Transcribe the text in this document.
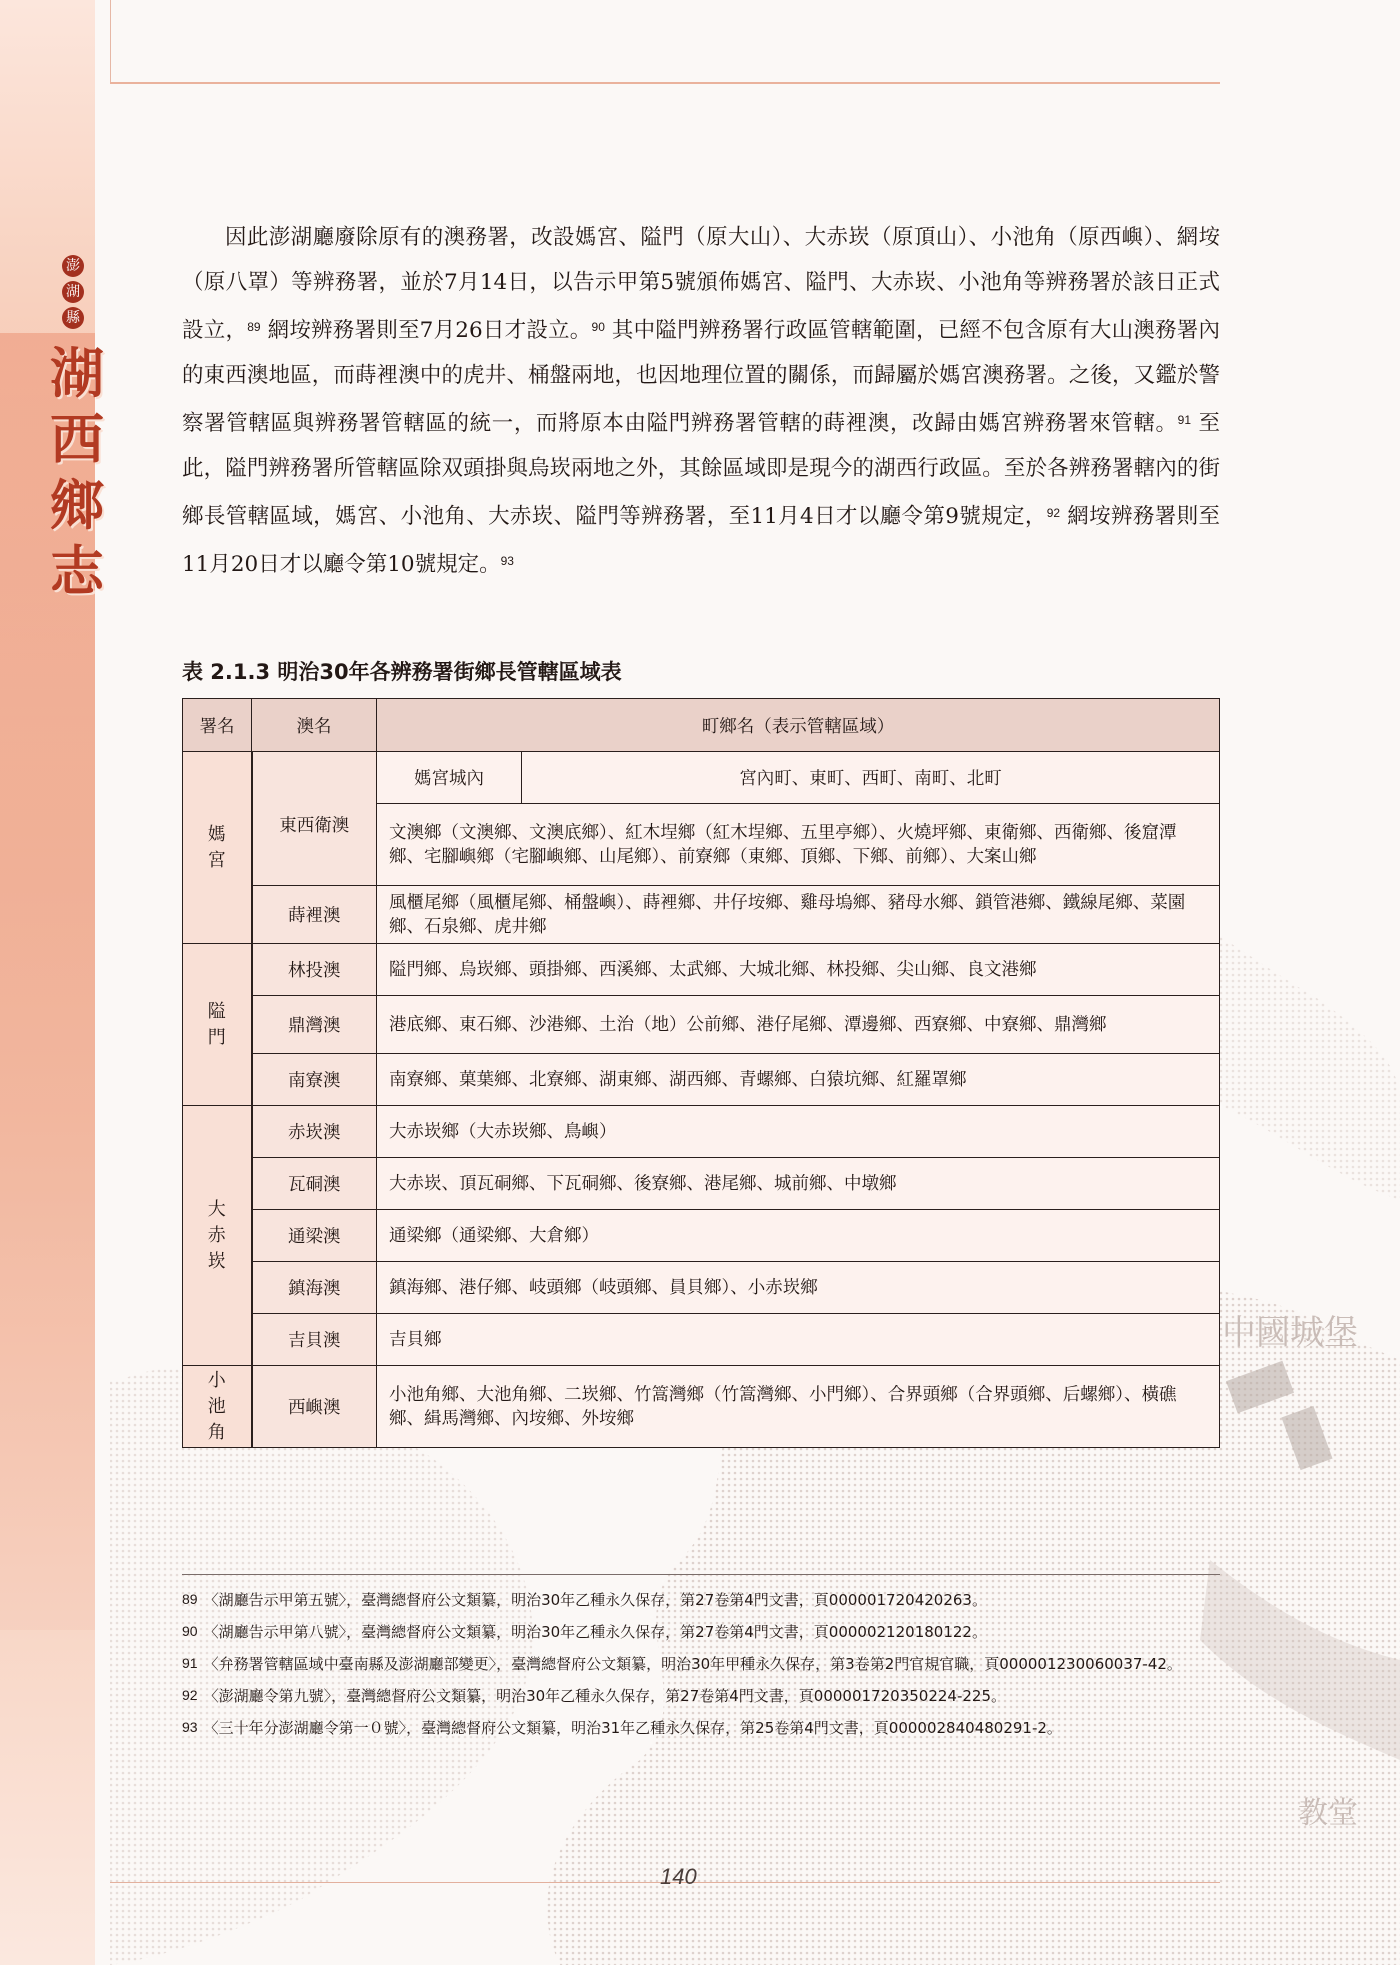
中國城堡
教堂
澎
湖
縣
湖
西
鄉
志

因此澎湖廳廢除原有的澳務署，改設媽宮、隘門（原大山）、大赤崁（原頂山）、小池角（原西嶼）、網垵（原八罩）等辨務署，並於7月14日，以告示甲第5號頒佈媽宮、隘門、大赤崁、小池角等辨務署於該日正式設立，$^{89}$ 網垵辨務署則至7月26日才設立。$^{90}$ 其中隘門辨務署行政區管轄範圍，已經不包含原有大山澳務署內的東西澳地區，而蒔裡澳中的虎井、桶盤兩地，也因地理位置的關係，而歸屬於媽宮澳務署。之後，又鑑於警察署管轄區與辨務署管轄區的統一，而將原本由隘門辨務署管轄的蒔裡澳，改歸由媽宮辨務署來管轄。$^{91}$ 至此，隘門辨務署所管轄區除双頭掛與烏崁兩地之外，其餘區域即是現今的湖西行政區。至於各辨務署轄內的街鄉長管轄區域，媽宮、小池角、大赤崁、隘門等辨務署，至11月4日才以廳令第9號規定，$^{92}$ 網垵辨務署則至11月20日才以廳令第10號規定。$^{93}$

表 2.1.3 明治30年各辨務署街鄉長管轄區域表
署名	澳名	町鄉名（表示管轄區域）	

媽
宮	東西衛澳	媽宮城內	宮內町、東町、西町、南町、北町
		文澳鄉（文澳鄉、文澳底鄉）、紅木埕鄉（紅木埕鄉、五里亭鄉）、火燒坪鄉、東衛鄉、西衛鄉、後窟潭鄉、宅腳嶼鄉（宅腳嶼鄉、山尾鄉）、前寮鄉（東鄉、頂鄉、下鄉、前鄉）、大案山鄉	
	蒔裡澳	風櫃尾鄉（風櫃尾鄉、桶盤嶼）、蒔裡鄉、井仔垵鄉、雞母塢鄉、豬母水鄉、鎖管港鄉、鐵線尾鄉、菜園鄉、石泉鄉、虎井鄉	

隘
門	林投澳	隘門鄉、烏崁鄉、頭掛鄉、西溪鄉、太武鄉、大城北鄉、林投鄉、尖山鄉、良文港鄉	
	鼎灣澳	港底鄉、東石鄉、沙港鄉、土治（地）公前鄉、港仔尾鄉、潭邊鄉、西寮鄉、中寮鄉、鼎灣鄉	
	南寮澳	南寮鄉、菓葉鄉、北寮鄉、湖東鄉、湖西鄉、青螺鄉、白猿坑鄉、紅羅罩鄉	

大
赤
崁	赤崁澳	大赤崁鄉（大赤崁鄉、鳥嶼）	
	瓦硐澳	大赤崁、頂瓦硐鄉、下瓦硐鄉、後寮鄉、港尾鄉、城前鄉、中墩鄉	
	通梁澳	通梁鄉（通梁鄉、大倉鄉）	
	鎮海澳	鎮海鄉、港仔鄉、岐頭鄉（岐頭鄉、員貝鄉）、小赤崁鄉	
	吉貝澳	吉貝鄉	

小
池
角	西嶼澳	小池角鄉、大池角鄉、二崁鄉、竹篙灣鄉（竹篙灣鄉、小門鄉）、合界頭鄉（合界頭鄉、后螺鄉）、橫礁鄉、緝馬灣鄉、內垵鄉、外垵鄉	

89 〈湖廳告示甲第五號〉，臺灣總督府公文類纂，明治30年乙種永久保存，第27卷第4門文書，頁000001720420263。

90 〈湖廳告示甲第八號〉，臺灣總督府公文類纂，明治30年乙種永久保存，第27卷第4門文書，頁000002120180122。

91 〈弁務署管轄區域中臺南縣及澎湖廳部變更〉，臺灣總督府公文類纂，明治30年甲種永久保存，第3卷第2門官規官職，頁000001230060037-42。

92 〈澎湖廳令第九號〉，臺灣總督府公文類纂，明治30年乙種永久保存，第27卷第4門文書，頁000001720350224-225。

93 〈三十年分澎湖廳令第一０號〉，臺灣總督府公文類纂，明治31年乙種永久保存，第25卷第4門文書，頁000002840480291-2。

140
